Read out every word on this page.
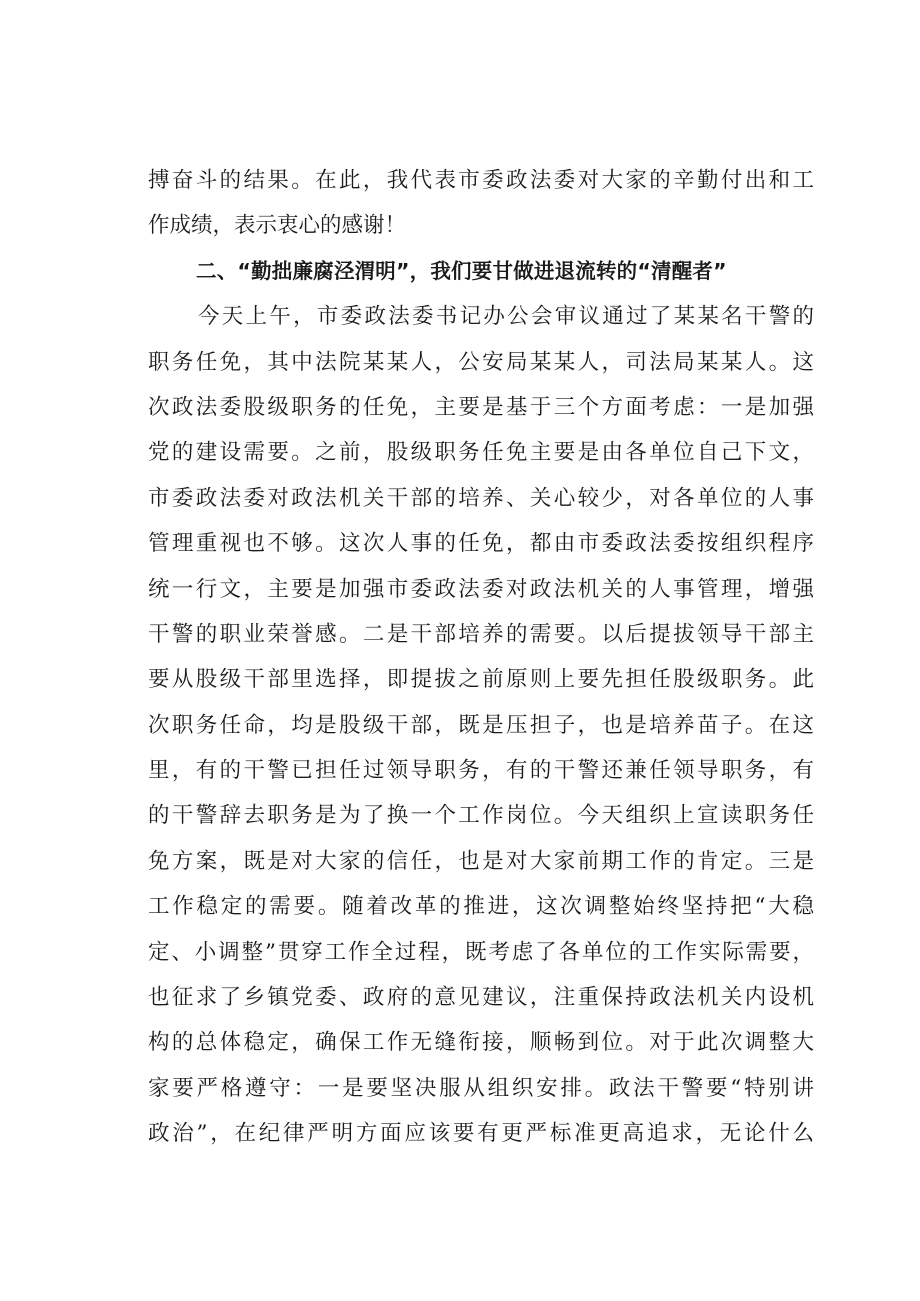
搏奋斗的结果。在此，我代表市委政法委对大家的辛勤付出和工
作成绩，表示衷心的感谢！
二、“勤拙廉腐泾渭明”，我们要甘做进退流转的“清醒者”
今天上午，市委政法委书记办公会审议通过了某某名干警的
职务任免，其中法院某某人，公安局某某人，司法局某某人。这
次政法委股级职务的任免，主要是基于三个方面考虑：一是加强
党的建设需要。之前，股级职务任免主要是由各单位自己下文，
市委政法委对政法机关干部的培养、关心较少，对各单位的人事
管理重视也不够。这次人事的任免，都由市委政法委按组织程序
统一行文，主要是加强市委政法委对政法机关的人事管理，增强
干警的职业荣誉感。二是干部培养的需要。以后提拔领导干部主
要从股级干部里选择，即提拔之前原则上要先担任股级职务。此
次职务任命，均是股级干部，既是压担子，也是培养苗子。在这
里，有的干警已担任过领导职务，有的干警还兼任领导职务，有
的干警辞去职务是为了换一个工作岗位。今天组织上宣读职务任
免方案，既是对大家的信任，也是对大家前期工作的肯定。三是
工作稳定的需要。随着改革的推进，这次调整始终坚持把“大稳
定、小调整”贯穿工作全过程，既考虑了各单位的工作实际需要，
也征求了乡镇党委、政府的意见建议，注重保持政法机关内设机
构的总体稳定，确保工作无缝衔接，顺畅到位。对于此次调整大
家要严格遵守：一是要坚决服从组织安排。政法干警要“特别讲
政治”，在纪律严明方面应该要有更严标准更高追求，无论什么
